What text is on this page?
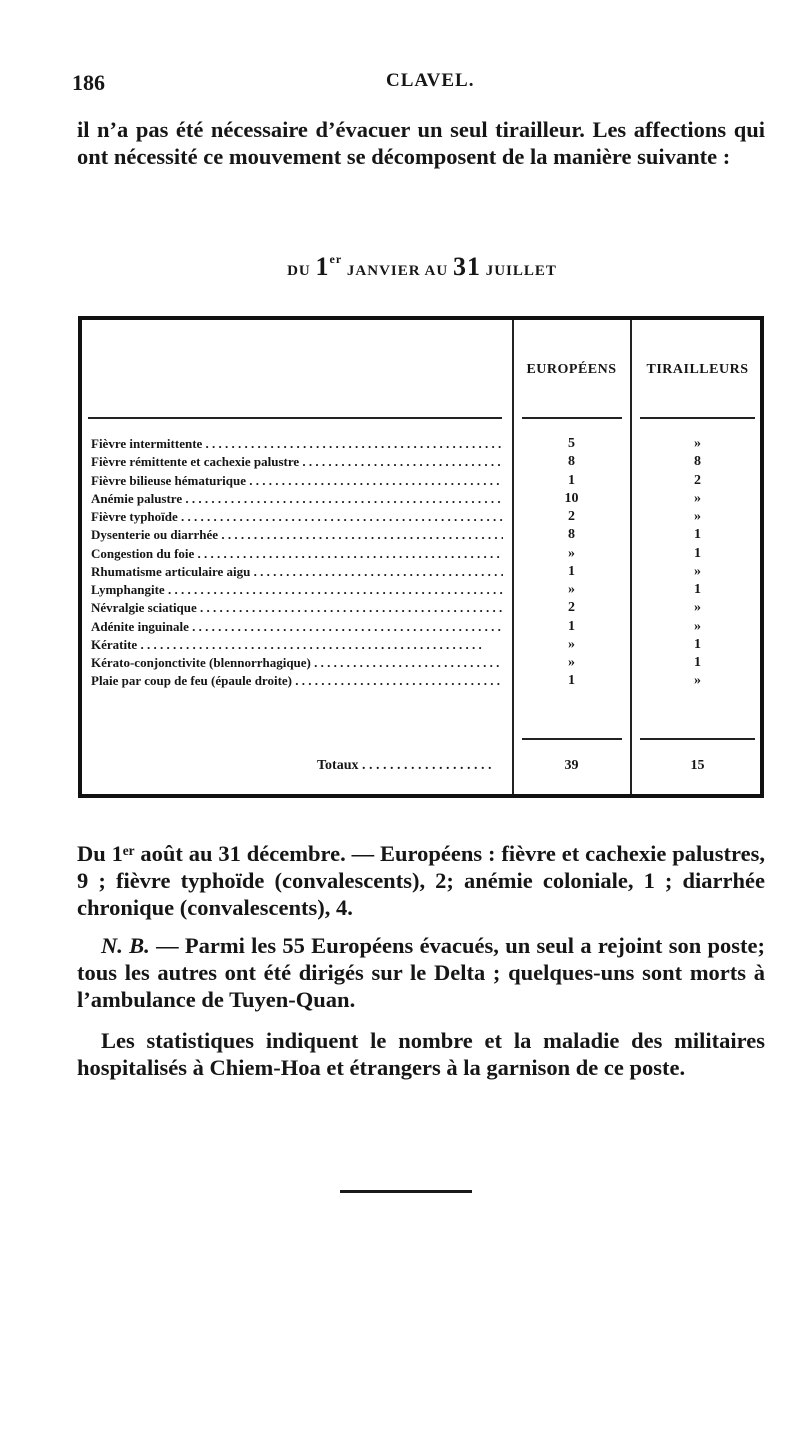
186	CLAVEL.

il n’a pas été nécessaire d’évacuer un seul tirailleur. Les affections qui ont nécessité ce mouvement se décomposent de la manière suivante :

DU 1er JANVIER AU 31 JUILLET
EUROPÉENS	TIRAILLEURS
Fièvre intermittente . . .	5	»
Fièvre rémittente et cachexie palustre . . .	8	8
Fièvre bilieuse hématurique . . .	1	2
Anémie palustre . . .	10	»
Fièvre typhoïde . . .	2	»
Dysenterie ou diarrhée . . .	8	1
Congestion du foie . . .	»	1
Rhumatisme articulaire aigu . . .	1	»
Lymphangite . . .	»	1
Névralgie sciatique . . .	2	»
Adénite inguinale . . .	1	»
Kératite . . .	»	1
Kérato-conjonctivite (blennorrhagique) . . .	»	1
Plaie par coup de feu (épaule droite) . . .	1	»
Totaux . . .	39	15

Du 1ᵉʳ août au 31 décembre. — Européens : fièvre et cachexie palustres, 9 ; fièvre typhoïde (convalescents), 2; anémie coloniale, 1 ; diarrhée chronique (convalescents), 4.

N. B. — Parmi les 55 Européens évacués, un seul a rejoint son poste; tous les autres ont été dirigés sur le Delta ; quelques-uns sont morts à l’ambulance de Tuyen-Quan.

Les statistiques indiquent le nombre et la maladie des militaires hospitalisés à Chiem-Hoa et étrangers à la garnison de ce poste.
